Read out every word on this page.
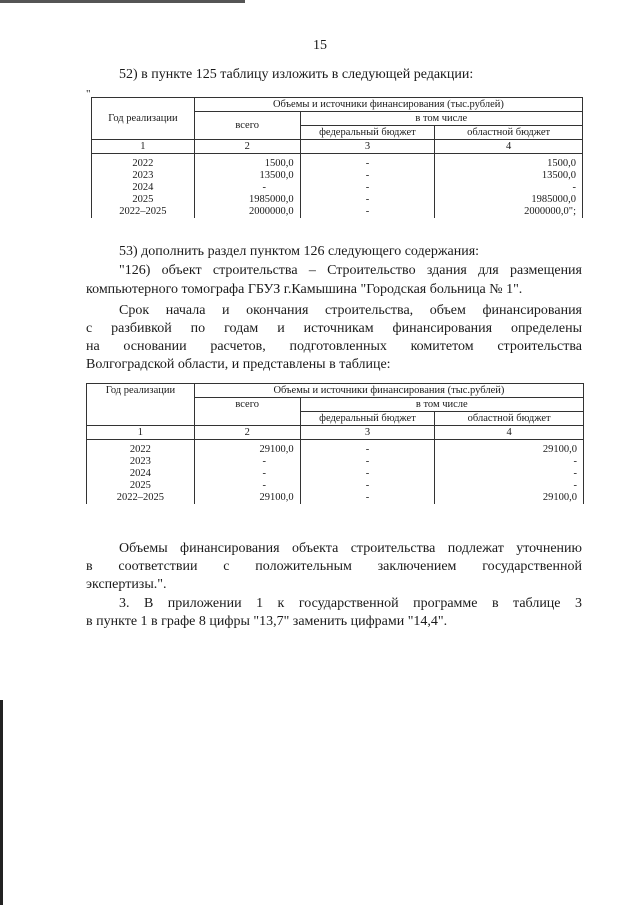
15

52) в пункте 125 таблицу изложить в следующей редакции:

"
Год реализации	Объемы и источники финансирования (тыс.рублей)		
	всего	в том числе	
		федеральный бюджет	областной бюджет
1	2	3	4
2022	1500,0	-	1500,0
2023	13500,0	-	13500,0
2024	-	-	-
2025	1985000,0	-	1985000,0
2022–2025	2000000,0	-	2000000,0";

53) дополнить раздел пунктом 126 следующего содержания:

"126) объект строительства – Строительство здания для размещения

компьютерного томографа ГБУЗ г.Камышина "Городская больница № 1".

Срок начала и окончания строительства, объем финансирования

с разбивкой по годам и источникам финансирования определены

на основании расчетов, подготовленных комитетом строительства

Волгоградской области, и представлены в таблице:

Год реализации	Объемы и источники финансирования (тыс.рублей)		
	всего	в том числе	
		федеральный бюджет	областной бюджет
1	2	3	4
2022	29100,0	-	29100,0
2023	-	-	-
2024	-	-	-
2025	-	-	-
2022–2025	29100,0	-	29100,0

Объемы финансирования объекта строительства подлежат уточнению

в соответствии с положительным заключением государственной

экспертизы.".

3. В приложении 1 к государственной программе в таблице 3

в пункте 1 в графе 8 цифры "13,7" заменить цифрами "14,4".
